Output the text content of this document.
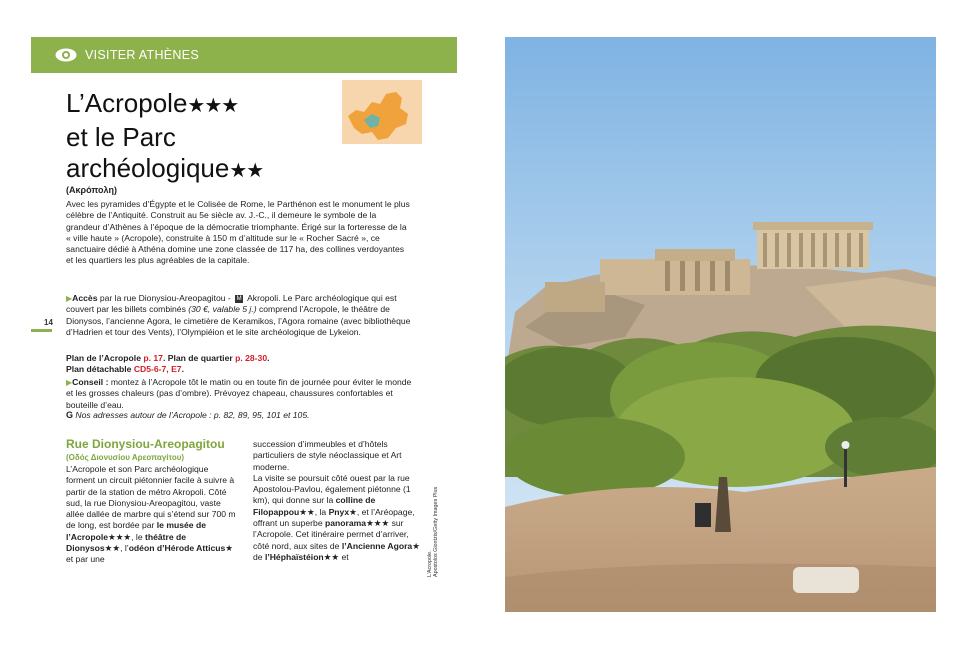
VISITER ATHÈNES
L’Acropole★★★
et le Parc
archéologique★★
(Ακρόπολη)

Avec les pyramides d’Égypte et le Colisée de Rome, le Parthénon est le monument le plus célèbre de l’Antiquité. Construit au 5e siècle av. J.-C., il demeure le symbole de la grandeur d’Athènes à l’époque de la démocratie triomphante. Érigé sur la forteresse de la « ville haute » (Acropole), construite à 150 m d’altitude sur le « Rocher Sacré », ce sanctuaire dédié à Athéna domine une zone classée de 117 ha, des collines verdoyantes et les quartiers les plus agréables de la capitale.

14

▶Accès par la rue Dionysiou-Areopagitou - M Akropoli. Le Parc archéologique qui est couvert par les billets combinés (30 €, valable 5 j.) comprend l’Acropole, le théâtre de Dionysos, l’ancienne Agora, le cimetière de Keramikos, l’Agora romaine (avec bibliothèque d’Hadrien et tour des Vents), l’Olympiéion et le site archéologique de Lykeion.

Plan de l’Acropole p. 17. Plan de quartier p. 28-30.
Plan détachable CD5-6-7, E7.

▶Conseil : montez à l’Acropole tôt le matin ou en toute fin de journée pour éviter le monde et les grosses chaleurs (pas d’ombre). Prévoyez chapeau, chaussures confortables et bouteille d’eau.

G Nos adresses autour de l’Acropole : p. 82, 89, 95, 101 et 105.

Rue Dionysiou-Areopagitou
(Οδός Διονυσίου Αρεοπαγίτου)

L’Acropole et son Parc archéologique forment un circuit piétonnier facile à suivre à partir de la station de métro Akropoli. Côté sud, la rue Dionysiou-Areopagitou, vaste allée dallée de marbre qui s’étend sur 700 m de long, est bordée par le musée de l’Acropole★★★, le théâtre de Dionysos★★, l’odéon d’Hérode Atticus★ et par une

succession d’immeubles et d’hôtels particuliers de style néoclassique et Art moderne.
La visite se poursuit côté ouest par la rue Apostolou-Pavlou, également piétonne (1 km), qui donne sur la colline de Filopappou★★, la Pnyx★, et l’Aréopage, offrant un superbe panorama★★★ sur l’Acropole. Cet itinéraire permet d’arriver, côté nord, aux sites de l’Ancienne Agora★ de l’Héphaïstéion★★ et	L’Acropole.
Apostolos Giontzis/Getty Images Plus
